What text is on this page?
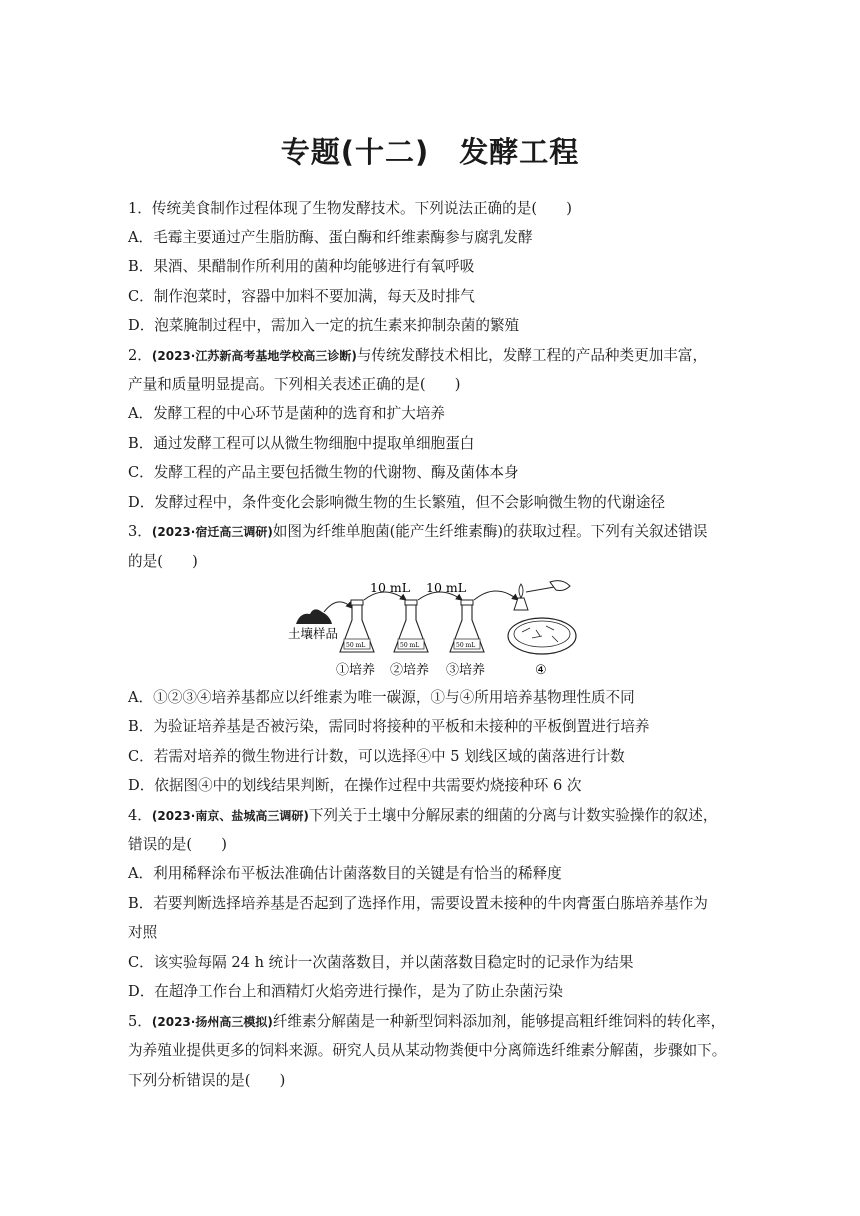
专题(十二)　发酵工程
1．传统美食制作过程体现了生物发酵技术。下列说法正确的是(　　)
A．毛霉主要通过产生脂肪酶、蛋白酶和纤维素酶参与腐乳发酵
B．果酒、果醋制作所利用的菌种均能够进行有氧呼吸
C．制作泡菜时，容器中加料不要加满，每天及时排气
D．泡菜腌制过程中，需加入一定的抗生素来抑制杂菌的繁殖
2．(2023·江苏新高考基地学校高三诊断)与传统发酵技术相比，发酵工程的产品种类更加丰富，
产量和质量明显提高。下列相关表述正确的是(　　)
A．发酵工程的中心环节是菌种的选育和扩大培养
B．通过发酵工程可以从微生物细胞中提取单细胞蛋白
C．发酵工程的产品主要包括微生物的代谢物、酶及菌体本身
D．发酵过程中，条件变化会影响微生物的生长繁殖，但不会影响微生物的代谢途径
3．(2023·宿迁高三调研)如图为纤维单胞菌(能产生纤维素酶)的获取过程。下列有关叙述错误
的是(　　)
土壤样品
10 mL 10 mL
50 mL	50 mL	50 mL
①培养 ②培养 ③培养	④
A．①②③④培养基都应以纤维素为唯一碳源，①与④所用培养基物理性质不同
B．为验证培养基是否被污染，需同时将接种的平板和未接种的平板倒置进行培养
C．若需对培养的微生物进行计数，可以选择④中 5 划线区域的菌落进行计数
D．依据图④中的划线结果判断，在操作过程中共需要灼烧接种环 6 次
4．(2023·南京、盐城高三调研)下列关于土壤中分解尿素的细菌的分离与计数实验操作的叙述，
错误的是(　　)
A．利用稀释涂布平板法准确估计菌落数目的关键是有恰当的稀释度
B．若要判断选择培养基是否起到了选择作用，需要设置未接种的牛肉膏蛋白胨培养基作为
对照
C．该实验每隔 24 h 统计一次菌落数目，并以菌落数目稳定时的记录作为结果
D．在超净工作台上和酒精灯火焰旁进行操作，是为了防止杂菌污染
5．(2023·扬州高三模拟)纤维素分解菌是一种新型饲料添加剂，能够提高粗纤维饲料的转化率，
为养殖业提供更多的饲料来源。研究人员从某动物粪便中分离筛选纤维素分解菌，步骤如下。
下列分析错误的是(　　)
